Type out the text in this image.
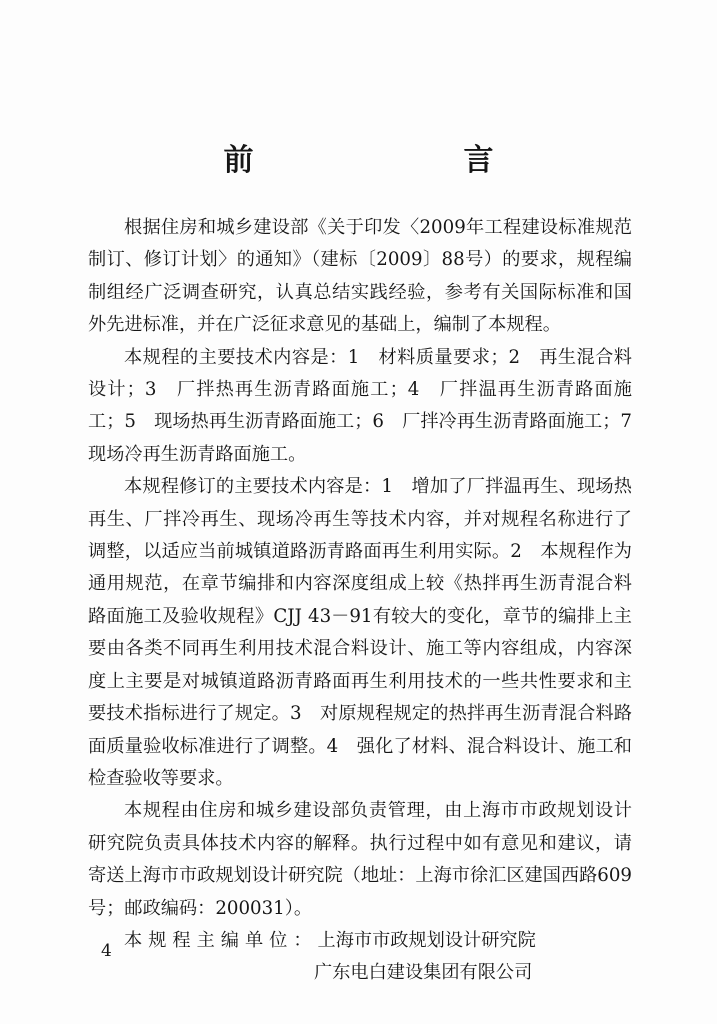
前　　言

根据住房和城乡建设部《关于印发〈2009年工程建设标准规范制订、修订计划〉的通知》（建标〔2009〕88号）的要求，规程编制组经广泛调查研究，认真总结实践经验，参考有关国际标准和国外先进标准，并在广泛征求意见的基础上，编制了本规程。

本规程的主要技术内容是：1　材料质量要求；2　再生混合料设计；3　厂拌热再生沥青路面施工；4　厂拌温再生沥青路面施工；5　现场热再生沥青路面施工；6　厂拌冷再生沥青路面施工；7　现场冷再生沥青路面施工。

本规程修订的主要技术内容是：1　增加了厂拌温再生、现场热再生、厂拌冷再生、现场冷再生等技术内容，并对规程名称进行了调整，以适应当前城镇道路沥青路面再生利用实际。2　本规程作为通用规范，在章节编排和内容深度组成上较《热拌再生沥青混合料路面施工及验收规程》CJJ 43－91有较大的变化，章节的编排上主要由各类不同再生利用技术混合料设计、施工等内容组成，内容深度上主要是对城镇道路沥青路面再生利用技术的一些共性要求和主要技术指标进行了规定。3　对原规程规定的热拌再生沥青混合料路面质量验收标准进行了调整。4　强化了材料、混合料设计、施工和检查验收等要求。

本规程由住房和城乡建设部负责管理，由上海市市政规划设计研究院负责具体技术内容的解释。执行过程中如有意见和建议，请寄送上海市市政规划设计研究院（地址：上海市徐汇区建国西路609号；邮政编码：200031）。

本规程主编单位：上海市市政规划设计研究院

广东电白建设集团有限公司

4
